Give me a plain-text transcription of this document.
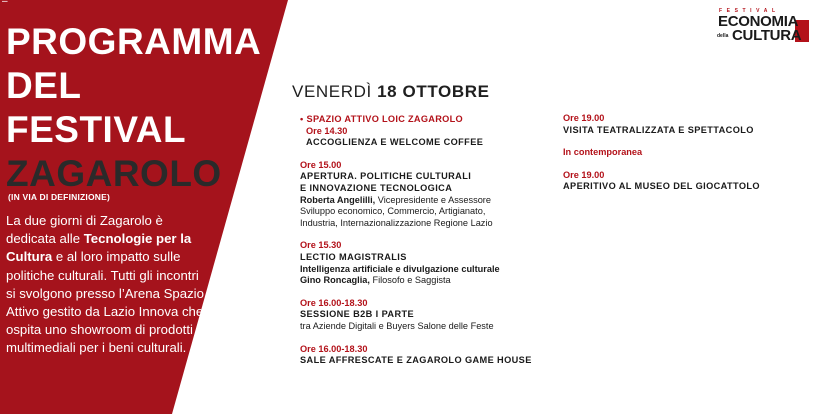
–
PROGRAMMA
DEL
FESTIVAL
ZAGAROLO
(IN VIA DI DEFINIZIONE)
La due giorni di Zagarolo è dedicata alle Tecnologie per la Cultura e al loro impatto sulle politiche culturali. Tutti gli incontri si svolgono presso l’Arena Spazio Attivo gestito da Lazio Innova che ospita uno showroom di prodotti multimediali per i beni culturali.
FESTIVAL
ECONOMIA
della CULTURA
VENERDÌ 18 OTTOBRE
• SPAZIO ATTIVO LOIC ZAGAROLO
Ore 14.30
ACCOGLIENZA E WELCOME COFFEE
Ore 15.00
APERTURA. POLITICHE CULTURALI
E INNOVAZIONE TECNOLOGICA
Roberta Angelilli, Vicepresidente e Assessore
Sviluppo economico, Commercio, Artigianato,
Industria, Internazionalizzazione Regione Lazio
Ore 15.30
LECTIO MAGISTRALIS
Intelligenza artificiale e divulgazione culturale
Gino Roncaglia, Filosofo e Saggista
Ore 16.00-18.30
SESSIONE B2B I PARTE
tra Aziende Digitali e Buyers Salone delle Feste
Ore 16.00-18.30
SALE AFFRESCATE E ZAGAROLO GAME HOUSE
Ore 19.00
VISITA TEATRALIZZATA E SPETTACOLO
In contemporanea
Ore 19.00
APERITIVO AL MUSEO DEL GIOCATTOLO
